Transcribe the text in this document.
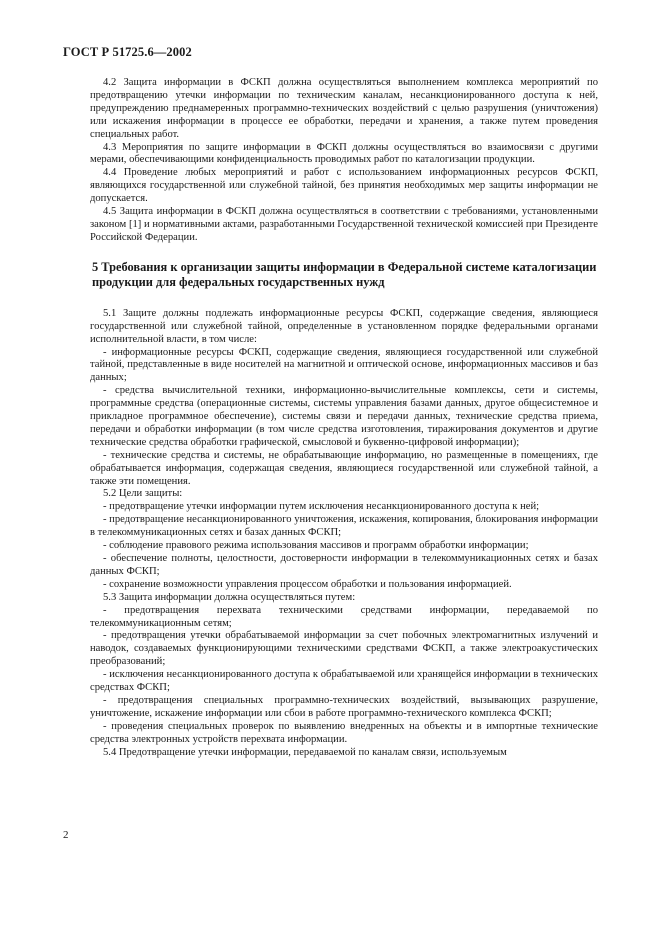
ГОСТ Р 51725.6—2002

4.2 Защита информации в ФСКП должна осуществляться выполнением комплекса мероприятий по предотвращению утечки информации по техническим каналам, несанкционированного доступа к ней, предупреждению преднамеренных программно-технических воздействий с целью разрушения (уничтожения) или искажения информации в процессе ее обработки, передачи и хранения, а также путем проведения специальных работ.

4.3 Мероприятия по защите информации в ФСКП должны осуществляться во взаимосвязи с другими мерами, обеспечивающими конфиденциальность проводимых работ по каталогизации продукции.

4.4 Проведение любых мероприятий и работ с использованием информационных ресурсов ФСКП, являющихся государственной или служебной тайной, без принятия необходимых мер защиты информации не допускается.

4.5 Защита информации в ФСКП должна осуществляться в соответствии с требованиями, установленными законом [1] и нормативными актами, разработанными Государственной технической комиссией при Президенте Российской Федерации.

5 Требования к организации защиты информации в Федеральной системе каталогизации продукции для федеральных государственных нужд

5.1 Защите должны подлежать информационные ресурсы ФСКП, содержащие сведения, являющиеся государственной или служебной тайной, определенные в установленном порядке федеральными органами исполнительной власти, в том числе:

- информационные ресурсы ФСКП, содержащие сведения, являющиеся государственной или служебной тайной, представленные в виде носителей на магнитной и оптической основе, информационных массивов и баз данных;

- средства вычислительной техники, информационно-вычислительные комплексы, сети и системы, программные средства (операционные системы, системы управления базами данных, другое общесистемное и прикладное программное обеспечение), системы связи и передачи данных, технические средства приема, передачи и обработки информации (в том числе средства изготовления, тиражирования документов и другие технические средства обработки графической, смысловой и буквенно-цифровой информации);

- технические средства и системы, не обрабатывающие информацию, но размещенные в помещениях, где обрабатывается информация, содержащая сведения, являющиеся государственной или служебной тайной, а также эти помещения.

5.2 Цели защиты:

- предотвращение утечки информации путем исключения несанкционированного доступа к ней;

- предотвращение несанкционированного уничтожения, искажения, копирования, блокирования информации в телекоммуникационных сетях и базах данных ФСКП;

- соблюдение правового режима использования массивов и программ обработки информации;

- обеспечение полноты, целостности, достоверности информации в телекоммуникационных сетях и базах данных ФСКП;

- сохранение возможности управления процессом обработки и пользования информацией.

5.3 Защита информации должна осуществляться путем:

- предотвращения перехвата техническими средствами информации, передаваемой по телекоммуникационным сетям;

- предотвращения утечки обрабатываемой информации за счет побочных электромагнитных излучений и наводок, создаваемых функционирующими техническими средствами ФСКП, а также электроакустических преобразований;

- исключения несанкционированного доступа к обрабатываемой или хранящейся информации в технических средствах ФСКП;

- предотвращения специальных программно-технических воздействий, вызывающих разрушение, уничтожение, искажение информации или сбои в работе программно-технического комплекса ФСКП;

- проведения специальных проверок по выявлению внедренных на объекты и в импортные технические средства электронных устройств перехвата информации.

5.4 Предотвращение утечки информации, передаваемой по каналам связи, используемым

2
